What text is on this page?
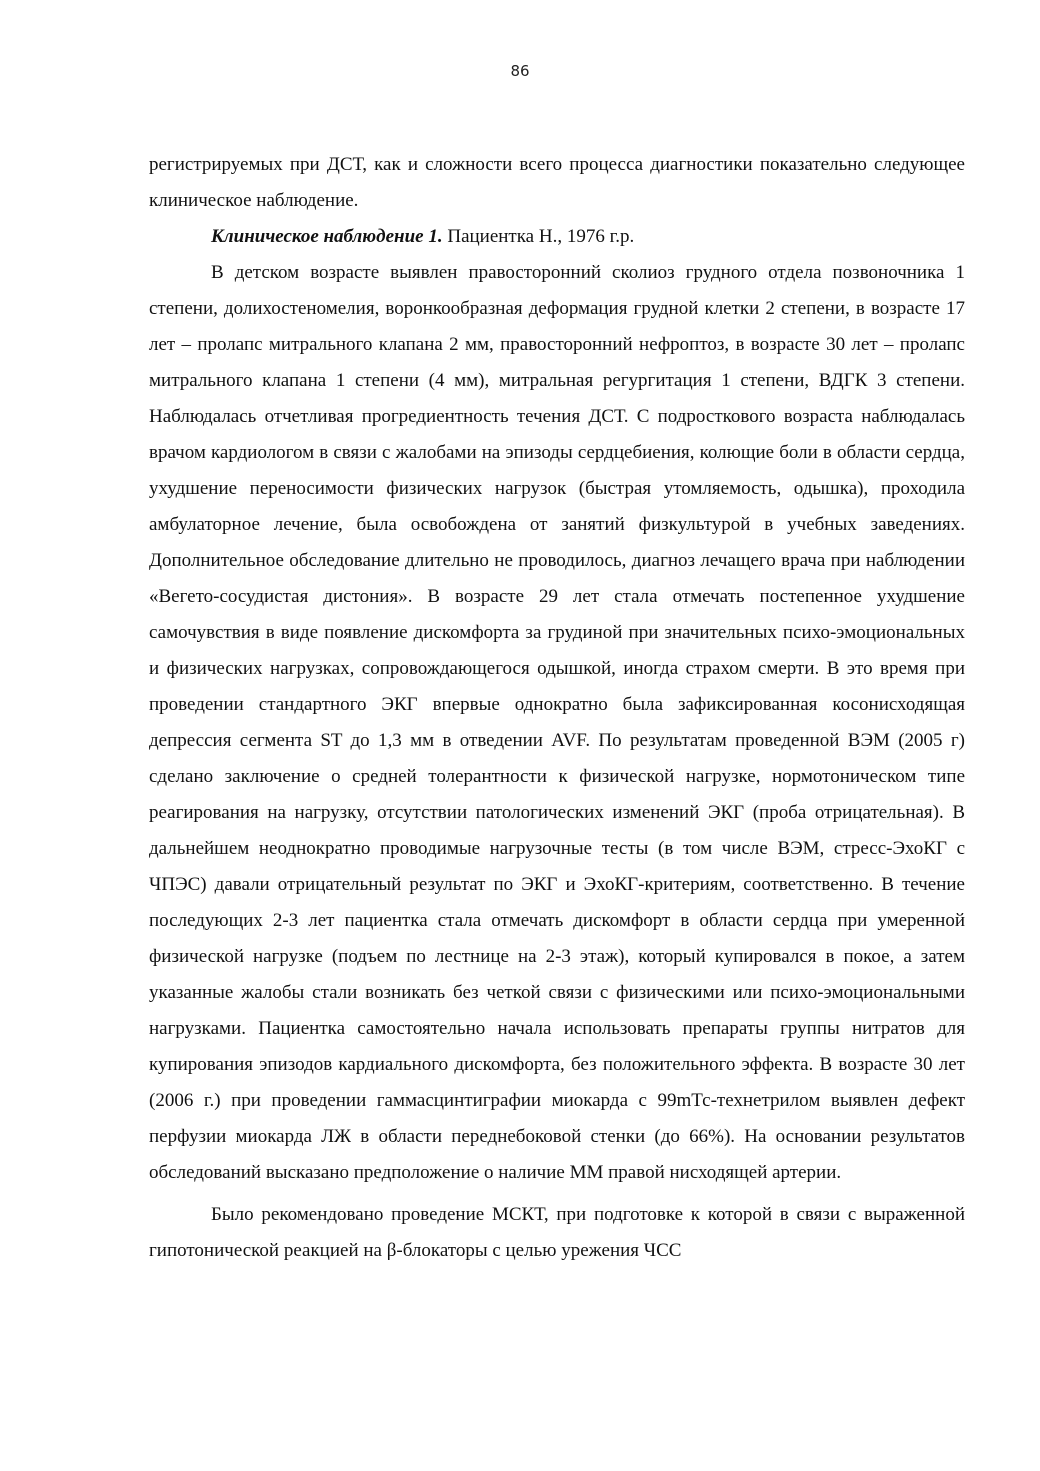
86

регистрируемых при ДСТ, как и сложности всего процесса диагностики показательно следующее клиническое наблюдение.

Клиническое наблюдение 1. Пациентка Н., 1976 г.р.

В детском возрасте выявлен правосторонний сколиоз грудного отдела позвоночника 1 степени, долихостеномелия, воронкообразная деформация грудной клетки 2 степени, в возрасте 17 лет – пролапс митрального клапана 2 мм, правосторонний нефроптоз, в возрасте 30 лет – пролапс митрального клапана 1 степени (4 мм), митральная регургитация 1 степени, ВДГК 3 степени. Наблюдалась отчетливая прогредиентность течения ДСТ. С подросткового возраста наблюдалась врачом кардиологом в связи с жалобами на эпизоды сердцебиения, колющие боли в области сердца, ухудшение переносимости физических нагрузок (быстрая утомляемость, одышка), проходила амбулаторное лечение, была освобождена от занятий физкультурой в учебных заведениях. Дополнительное обследование длительно не проводилось, диагноз лечащего врача при наблюдении «Вегето-сосудистая дистония». В возрасте 29 лет стала отмечать постепенное ухудшение самочувствия в виде появление дискомфорта за грудиной при значительных психо-эмоциональных и физических нагрузках, сопровождающегося одышкой, иногда страхом смерти. В это время при проведении стандартного ЭКГ впервые однократно была зафиксированная косонисходящая депрессия сегмента ST до 1,3 мм в отведении AVF. По результатам проведенной ВЭМ (2005 г) сделано заключение о средней толерантности к физической нагрузке, нормотоническом типе реагирования на нагрузку, отсутствии патологических изменений ЭКГ (проба отрицательная). В дальнейшем неоднократно проводимые нагрузочные тесты (в том числе ВЭМ, стресс-ЭхоКГ с ЧПЭС) давали отрицательный результат по ЭКГ и ЭхоКГ-критериям, соответственно. В течение последующих 2-3 лет пациентка стала отмечать дискомфорт в области сердца при умеренной физической нагрузке (подъем по лестнице на 2-3 этаж), который купировался в покое, а затем указанные жалобы стали возникать без четкой связи с физическими или психо-эмоциональными нагрузками. Пациентка самостоятельно начала использовать препараты группы нитратов для купирования эпизодов кардиального дискомфорта, без положительного эффекта. В возрасте 30 лет (2006 г.) при проведении гаммасцинтиграфии миокарда с 99mТс-технетрилом выявлен дефект перфузии миокарда ЛЖ в области переднебоковой стенки (до 66%). На основании результатов обследований высказано предположение о наличие ММ правой нисходящей артерии.

Было рекомендовано проведение МСКТ, при подготовке к которой в связи с выраженной гипотонической реакцией на β-блокаторы с целью урежения ЧСС
